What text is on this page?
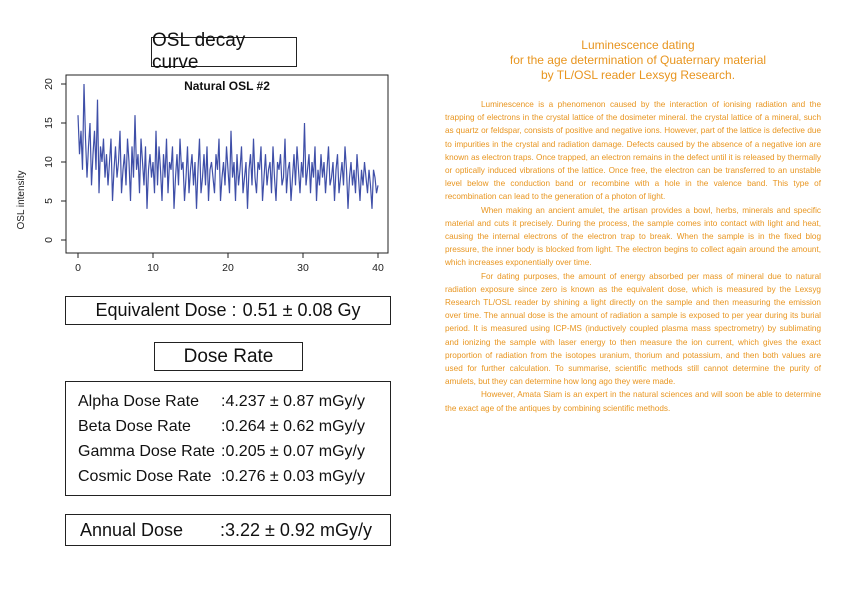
OSL decay curve
Natural OSL #2
OSL intensity
0	10	20	30	40
0
5
10
15
20
Equivalent Dose : 0.51 ± 0.08 Gy
Dose Rate
Alpha Dose Rate	:4.237 ± 0.87 mGy/y
Beta Dose Rate	:0.264 ± 0.62 mGy/y
Gamma Dose Rate :0.205 ± 0.07 mGy/y
Cosmic Dose Rate :0.276 ± 0.03 mGy/y
Annual Dose	:3.22 ± 0.92 mGy/y
Luminescence dating
for the age determination of Quaternary material
by TL/OSL reader Lexsyg Research.

Luminescence is a phenomenon caused by the interaction of ionising radiation and the trapping of electrons in the crystal lattice of the dosimeter mineral. the crystal lattice of a mineral, such as quartz or feldspar, consists of positive and negative ions. However, part of the lattice is defective due to impurities in the crystal and radiation damage. Defects caused by the absence of a negative ion are known as electron traps. Once trapped, an electron remains in the defect until it is released by thermally or optically induced vibrations of the lattice. Once free, the electron can be transferred to an unstable level below the conduction band or recombine with a hole in the valence band. This type of recombination can lead to the generation of a photon of light.

When making an ancient amulet, the artisan provides a bowl, herbs, minerals and specific material and cuts it precisely. During the process, the sample comes into contact with light and heat, causing the internal electrons of the electron trap to break. When the sample is in the fixed blog pressure, the inner body is blocked from light. The electron begins to collect again around the amount, which increases exponentially over time.

For dating purposes, the amount of energy absorbed per mass of mineral due to natural radiation exposure since zero is known as the equivalent dose, which is measured by the Lexsyg Research TL/OSL reader by shining a light directly on the sample and then measuring the emission over time. The annual dose is the amount of radiation a sample is exposed to per year during its burial period. It is measured using ICP-MS (inductively coupled plasma mass spectrometry) by sublimating and ionizing the sample with laser energy to then measure the ion current, which gives the exact proportion of radiation from the isotopes uranium, thorium and potassium, and then both values are used for further calculation. To summarise, scientific methods still cannot determine the purity of amulets, but they can determine how long ago they were made.

However, Amata Siam is an expert in the natural sciences and will soon be able to determine the exact age of the antiques by combining scientific methods.
